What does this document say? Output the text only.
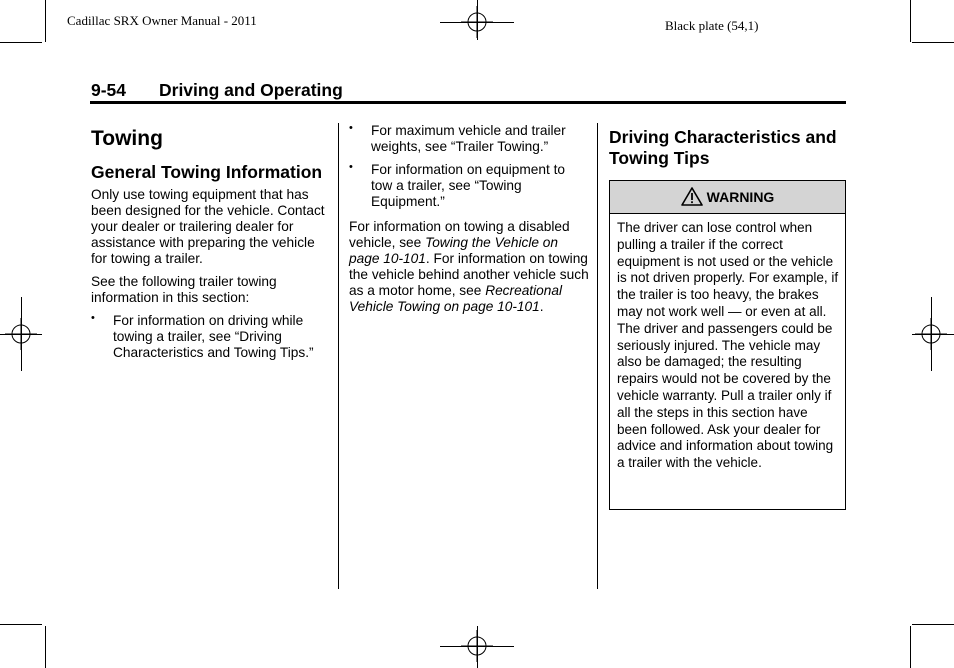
Cadillac SRX Owner Manual - 2011	Black plate (54,1)
9-54 Driving and Operating
Towing
General Towing Information

Only use towing equipment that has been designed for the vehicle. Contact your dealer or trailering dealer for assistance with preparing the vehicle for towing a trailer.

See the following trailer towing information in this section:

• For information on driving while towing a trailer, see “Driving Characteristics and Towing Tips.”
• For maximum vehicle and trailer weights, see “Trailer Towing.”
• For information on equipment to tow a trailer, see “Towing Equipment.”

For information on towing a disabled vehicle, see Towing the Vehicle on page 10-101. For information on towing the vehicle behind another vehicle such as a motor home, see Recreational Vehicle Towing on page 10-101.

Driving Characteristics and Towing Tips
WARNING
The driver can lose control when pulling a trailer if the correct equipment is not used or the vehicle is not driven properly. For example, if the trailer is too heavy, the brakes may not work well — or even at all. The driver and passengers could be seriously injured. The vehicle may also be damaged; the resulting repairs would not be covered by the vehicle warranty. Pull a trailer only if all the steps in this section have been followed. Ask your dealer for advice and information about towing a trailer with the vehicle.
